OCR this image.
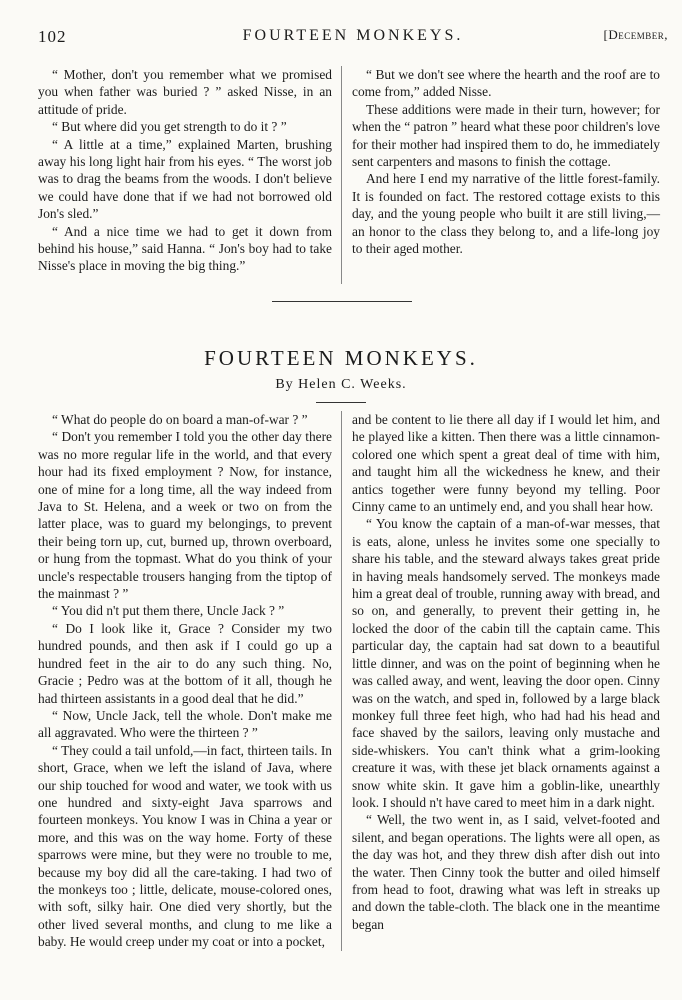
102	FOURTEEN MONKEYS.	[December,

“ Mother, don't you remember what we promised you when father was buried ? ” asked Nisse, in an attitude of pride.

“ But where did you get strength to do it ? ”

“ A little at a time,” explained Marten, brushing away his long light hair from his eyes. “ The worst job was to drag the beams from the woods. I don't believe we could have done that if we had not borrowed old Jon's sled.”

“ And a nice time we had to get it down from behind his house,” said Hanna. “ Jon's boy had to take Nisse's place in moving the big thing.”

“ But we don't see where the hearth and the roof are to come from,” added Nisse.

These additions were made in their turn, however; for when the “ patron ” heard what these poor children's love for their mother had inspired them to do, he immediately sent carpenters and masons to finish the cottage.

And here I end my narrative of the little forest-family. It is founded on fact. The restored cottage exists to this day, and the young people who built it are still living,—an honor to the class they belong to, and a life-long joy to their aged mother.

FOURTEEN MONKEYS.
By Helen C. Weeks.

“ What do people do on board a man-of-war ? ”

“ Don't you remember I told you the other day there was no more regular life in the world, and that every hour had its fixed employment ? Now, for instance, one of mine for a long time, all the way indeed from Java to St. Helena, and a week or two on from the latter place, was to guard my belongings, to prevent their being torn up, cut, burned up, thrown overboard, or hung from the topmast. What do you think of your uncle's respectable trousers hanging from the tiptop of the mainmast ? ”

“ You did n't put them there, Uncle Jack ? ”

“ Do I look like it, Grace ? Consider my two hundred pounds, and then ask if I could go up a hundred feet in the air to do any such thing. No, Gracie ; Pedro was at the bottom of it all, though he had thirteen assistants in a good deal that he did.”

“ Now, Uncle Jack, tell the whole. Don't make me all aggravated. Who were the thirteen ? ”

“ They could a tail unfold,—in fact, thirteen tails. In short, Grace, when we left the island of Java, where our ship touched for wood and water, we took with us one hundred and sixty-eight Java sparrows and fourteen monkeys. You know I was in China a year or more, and this was on the way home. Forty of these sparrows were mine, but they were no trouble to me, because my boy did all the care-taking. I had two of the monkeys too ; little, delicate, mouse-colored ones, with soft, silky hair. One died very shortly, but the other lived several months, and clung to me like a baby. He would creep under my coat or into a pocket,

and be content to lie there all day if I would let him, and he played like a kitten. Then there was a little cinnamon-colored one which spent a great deal of time with him, and taught him all the wickedness he knew, and their antics together were funny beyond my telling. Poor Cinny came to an untimely end, and you shall hear how.

“ You know the captain of a man-of-war messes, that is eats, alone, unless he invites some one specially to share his table, and the steward always takes great pride in having meals handsomely served. The monkeys made him a great deal of trouble, running away with bread, and so on, and generally, to prevent their getting in, he locked the door of the cabin till the captain came. This particular day, the captain had sat down to a beautiful little dinner, and was on the point of beginning when he was called away, and went, leaving the door open. Cinny was on the watch, and sped in, followed by a large black monkey full three feet high, who had had his head and face shaved by the sailors, leaving only mustache and side-whiskers. You can't think what a grim-looking creature it was, with these jet black ornaments against a snow white skin. It gave him a goblin-like, unearthly look. I should n't have cared to meet him in a dark night.

“ Well, the two went in, as I said, velvet-footed and silent, and began operations. The lights were all open, as the day was hot, and they threw dish after dish out into the water. Then Cinny took the butter and oiled himself from head to foot, drawing what was left in streaks up and down the table-cloth. The black one in the meantime began
